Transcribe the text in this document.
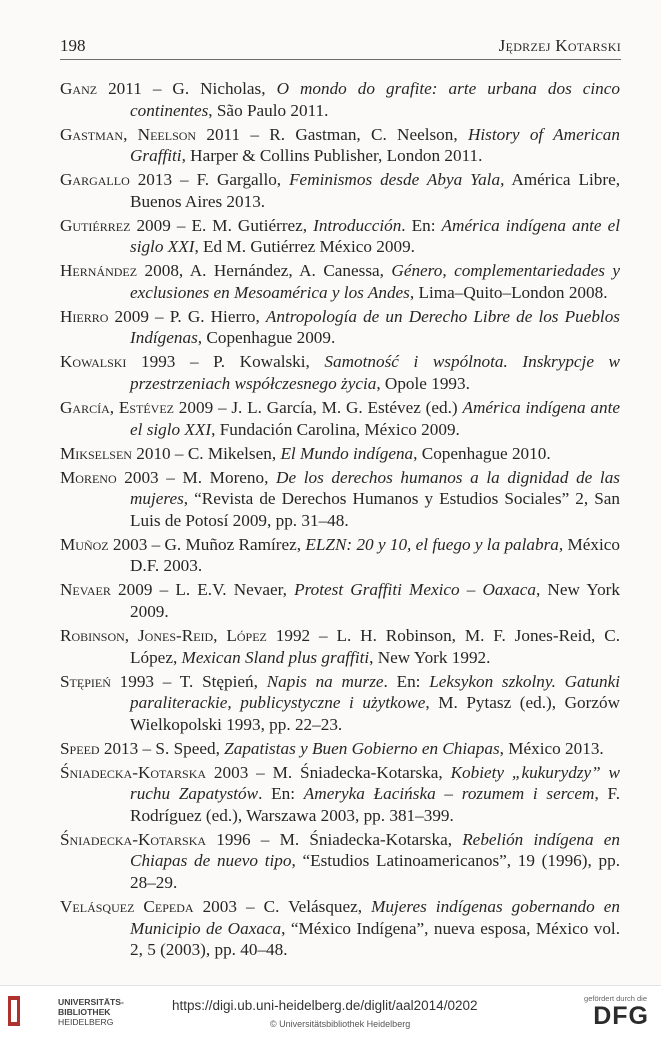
198	Jędrzej Kotarski
Ganz 2011 – G. Nicholas, O mondo do grafite: arte urbana dos cinco continentes, São Paulo 2011.
Gastman, Neelson 2011 – R. Gastman, C. Neelson, History of American Graffiti, Harper & Collins Publisher, London 2011.
Gargallo 2013 – F. Gargallo, Feminismos desde Abya Yala, América Libre, Buenos Aires 2013.
Gutiérrez 2009 – E. M. Gutiérrez, Introducción. En: América indígena ante el siglo XXI, Ed M. Gutiérrez México 2009.
Hernández 2008, A. Hernández, A. Canessa, Género, complementariedades y exclusiones en Mesoamérica y los Andes, Lima–Quito–London 2008.
Hierro 2009 – P. G. Hierro, Antropología de un Derecho Libre de los Pueblos Indígenas, Copenhague 2009.
Kowalski 1993 – P. Kowalski, Samotność i wspólnota. Inskrypcje w przestrzeniach współczesnego życia, Opole 1993.
García, Estévez 2009 – J. L. García, M. G. Estévez (ed.) América indígena ante el siglo XXI, Fundación Carolina, México 2009.
Mikselsen 2010 – C. Mikelsen, El Mundo indígena, Copenhague 2010.
Moreno 2003 – M. Moreno, De los derechos humanos a la dignidad de las mujeres, “Revista de Derechos Humanos y Estudios Sociales” 2, San Luis de Potosí 2009, pp. 31–48.
Muñoz 2003 – G. Muñoz Ramírez, ELZN: 20 y 10, el fuego y la palabra, México D.F. 2003.
Nevaer 2009 – L. E.V. Nevaer, Protest Graffiti Mexico – Oaxaca, New York 2009.
Robinson, Jones-Reid, López 1992 – L. H. Robinson, M. F. Jones-Reid, C. López, Mexican Sland plus graffiti, New York 1992.
Stępień 1993 – T. Stępień, Napis na murze. En: Leksykon szkolny. Gatunki paraliterackie, publicystyczne i użytkowe, M. Pytasz (ed.), Gorzów Wielkopolski 1993, pp. 22–23.
Speed 2013 – S. Speed, Zapatistas y Buen Gobierno en Chiapas, México 2013.
Śniadecka-Kotarska 2003 – M. Śniadecka-Kotarska, Kobiety „kukurydzy” w ruchu Zapatystów. En: Ameryka Łacińska – rozumem i sercem, F. Rodríguez (ed.), Warszawa 2003, pp. 381–399.
Śniadecka-Kotarska 1996 – M. Śniadecka-Kotarska, Rebelión indígena en Chiapas de nuevo tipo, “Estudios Latinoamericanos”, 19 (1996), pp. 28–29.
Velásquez Cepeda 2003 – C. Velásquez, Mujeres indígenas gobernando en Municipio de Oaxaca, “México Indígena”, nueva esposa, México vol. 2, 5 (2003), pp. 40–48.
UNIVERSITÄTS-
BIBLIOTHEK
HEIDELBERG
https://digi.ub.uni-heidelberg.de/diglit/aal2014/0202
© Universitätsbibliothek Heidelberg
gefördert durch die
DFG
